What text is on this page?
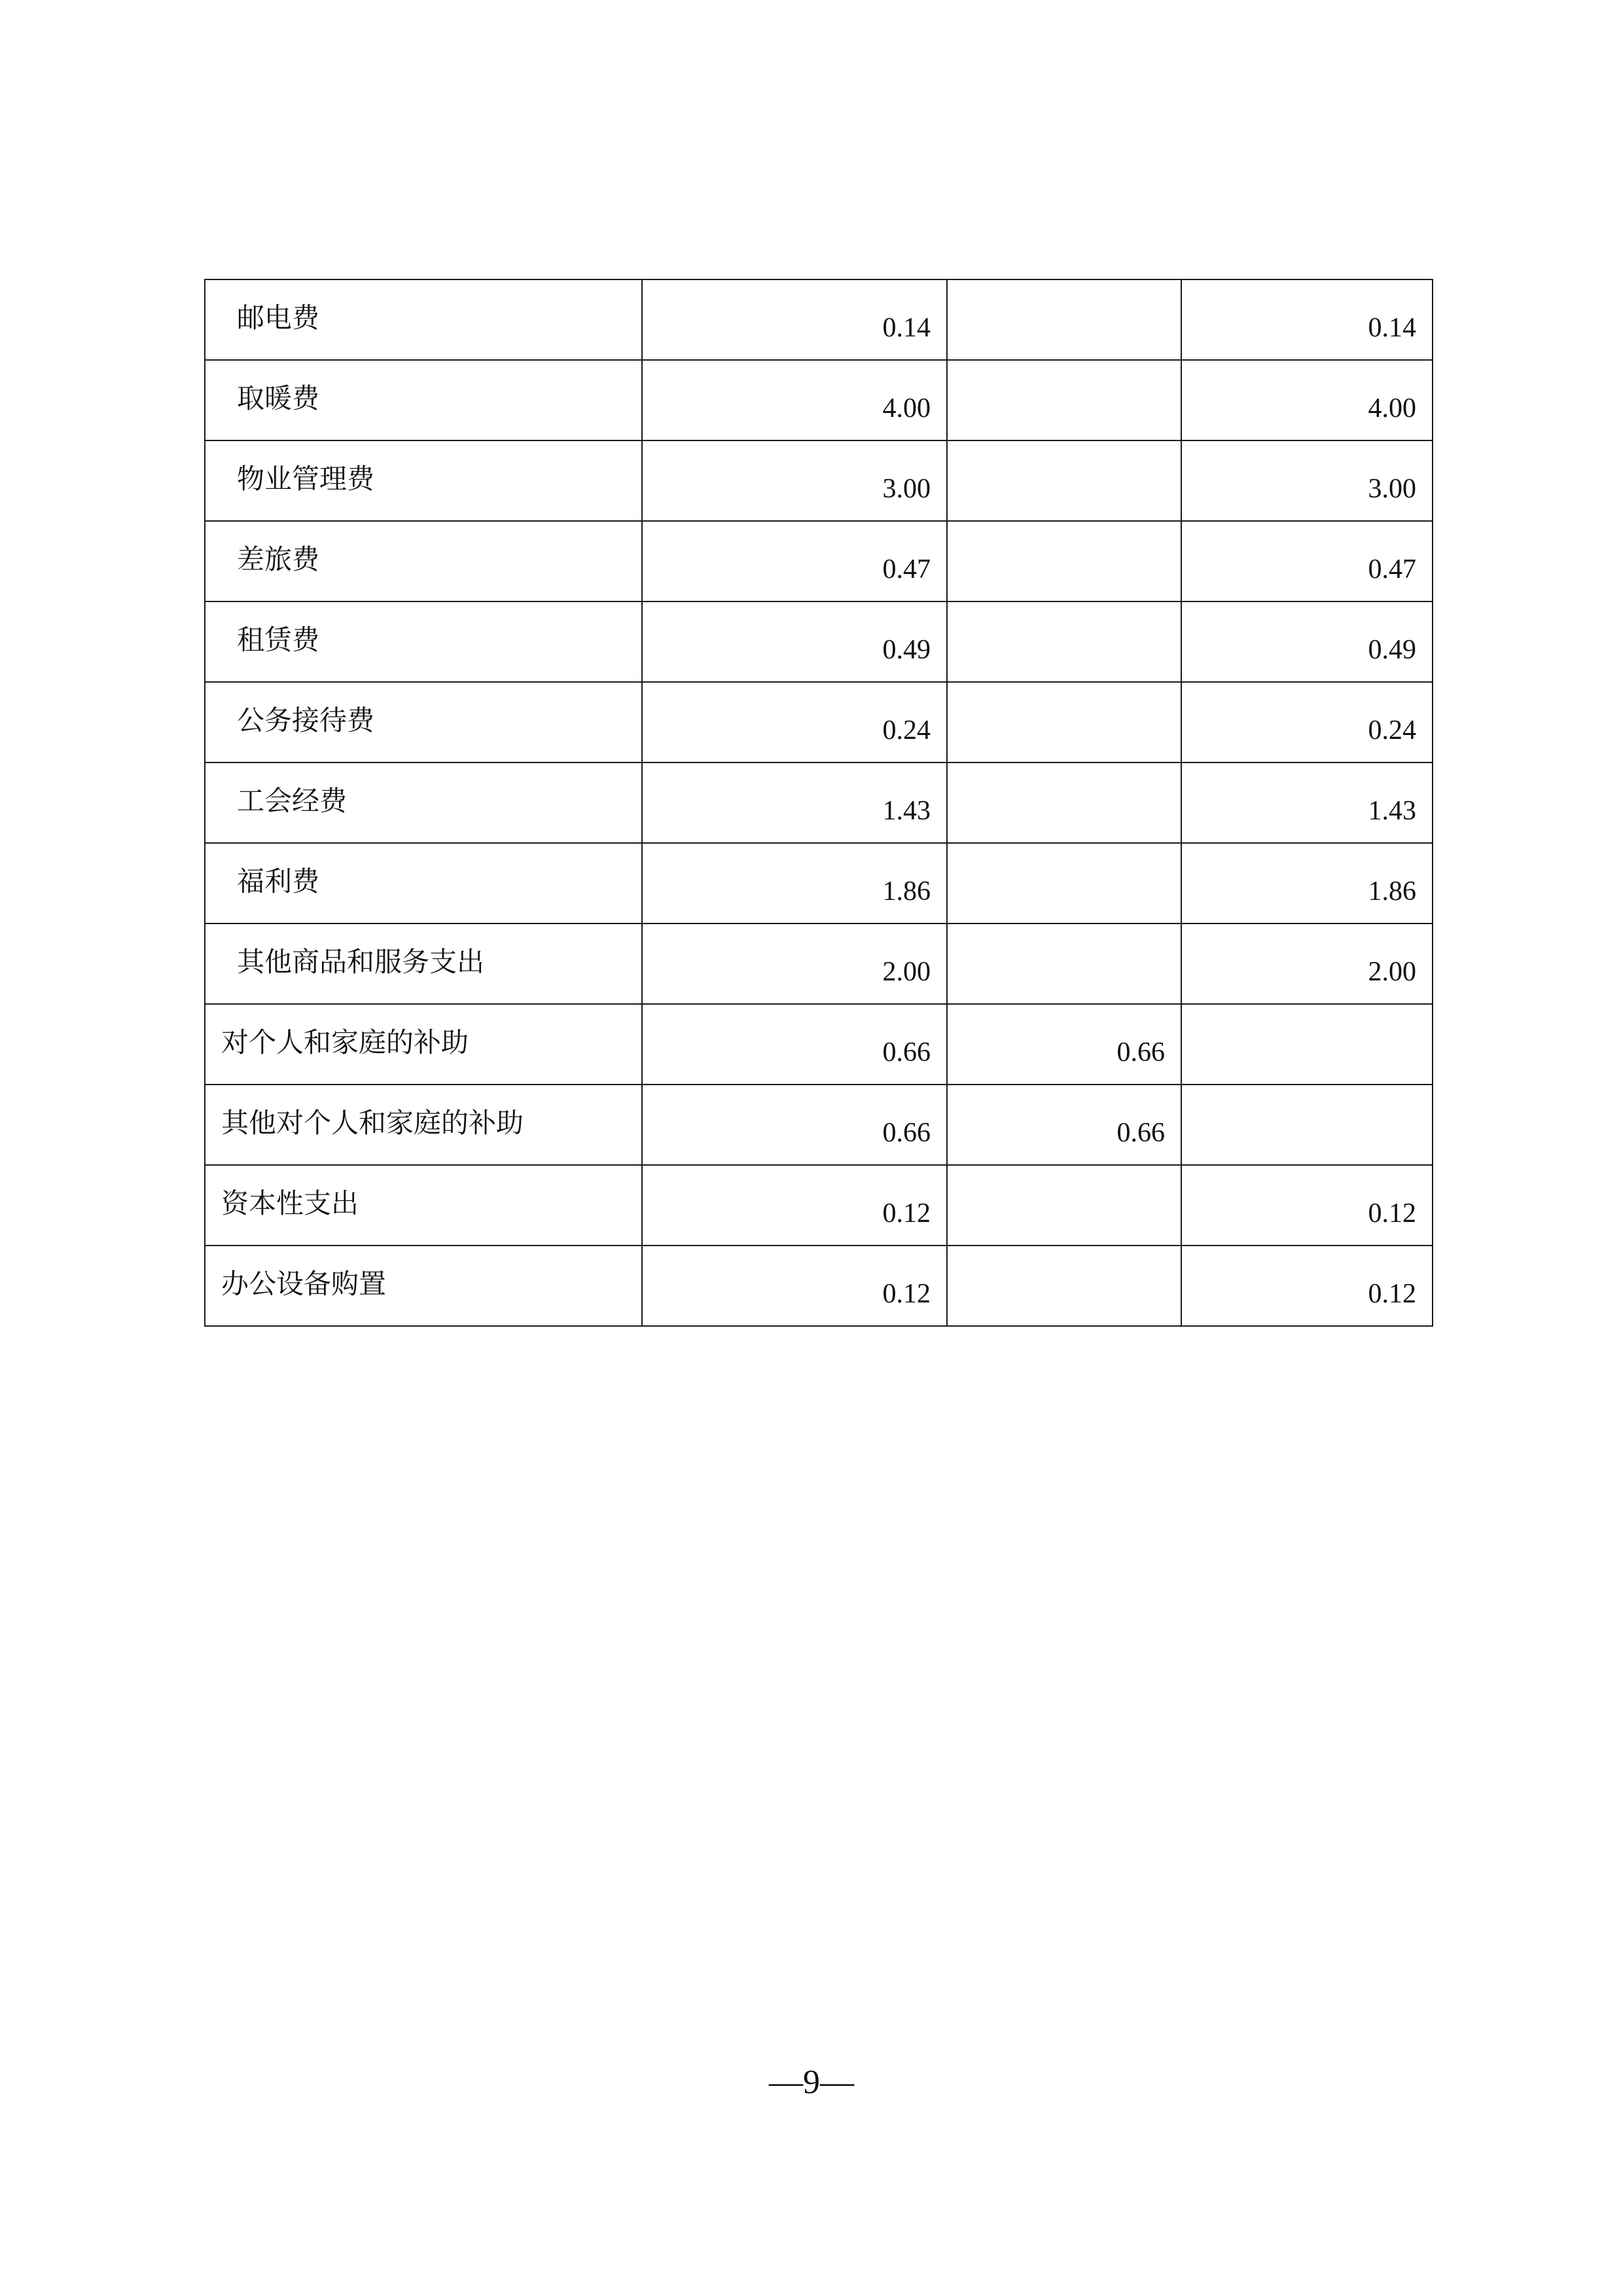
邮电费	0.14		0.14

取暖费	4.00		4.00

物业管理费	3.00		3.00

差旅费	0.47		0.47

租赁费	0.49		0.49

公务接待费	0.24		0.24

工会经费	1.43		1.43

福利费	1.86		1.86

其他商品和服务支出	2.00		2.00

对个人和家庭的补助	0.66	0.66	

其他对个人和家庭的补助	0.66	0.66	

资本性支出	0.12		0.12

办公设备购置	0.12		0.12
—9—
